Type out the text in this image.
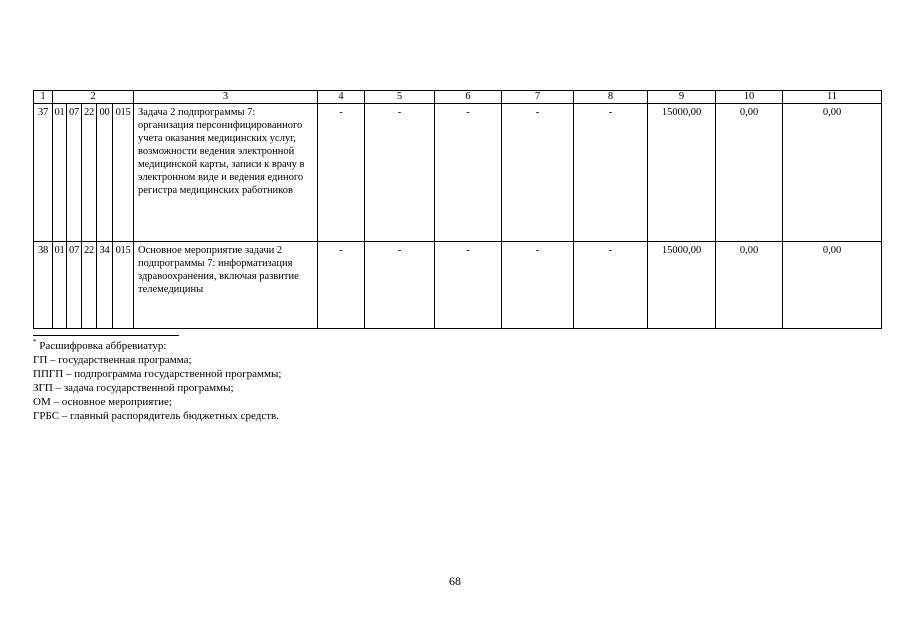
1	2					3	4	5	6	7	8	9	10	11
37	01	07	22	00	015	Задача 2 подпрограммы 7: организация персонифицированного учета оказания медицинских услуг, возможности ведения электронной медицинской карты, записи к врачу в электронном виде и ведения единого регистра медицинских работников	-	-	-	-	-	15000,00	0,00	0,00
38	01	07	22	34	015	Основное мероприятие задачи 2 подпрограммы 7: информатизация здравоохранения, включая развитие телемедицины	-	-	-	-	-	15000,00	0,00	0,00
* Расшифровка аббревиатур:
ГП – государственная программа;
ППГП – подпрограмма государственной программы;
ЗГП – задача государственной программы;
ОМ – основное мероприятие;
ГРБС – главный распорядитель бюджетных средств.
68
